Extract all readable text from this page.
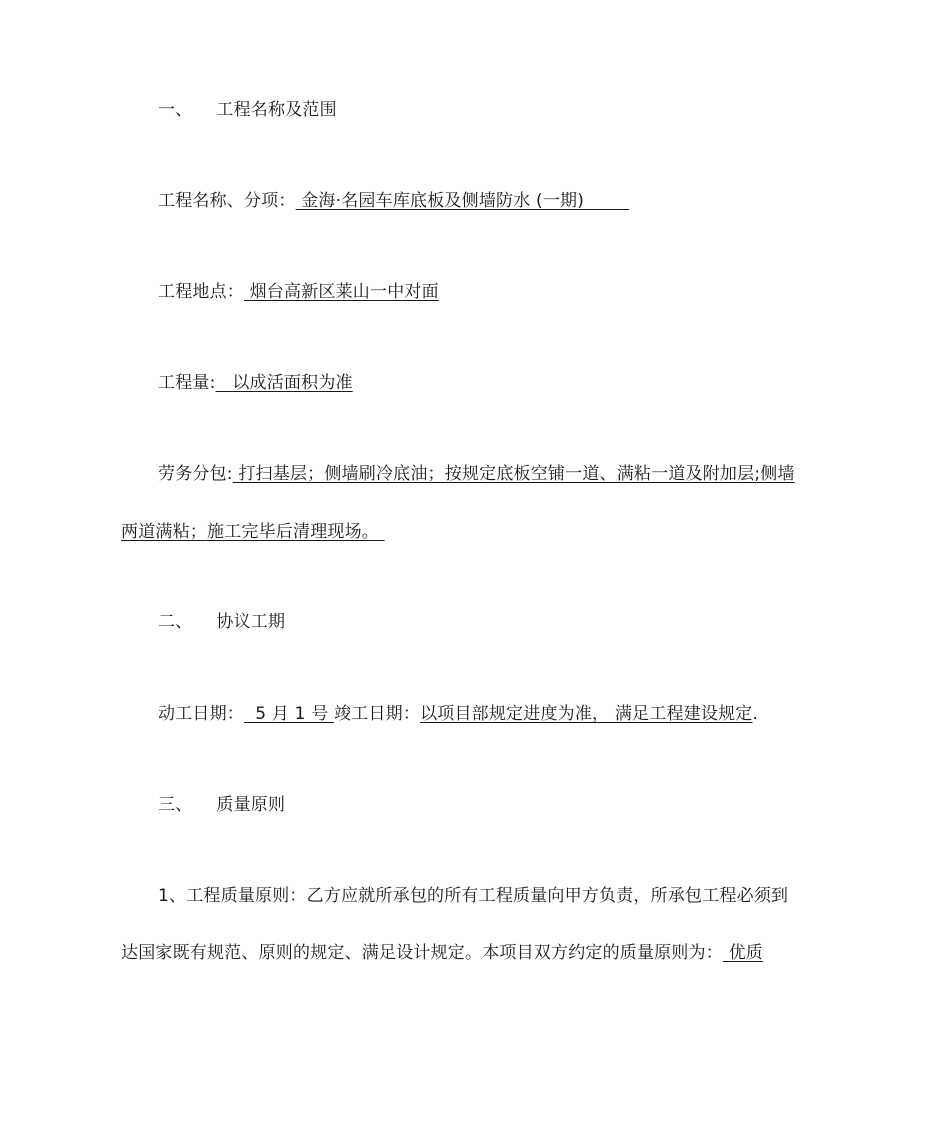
一、 工程名称及范围
工程名称、分项： 金海·名园车库底板及侧墙防水 (一期)
工程地点： 烟台高新区莱山一中对面
工程量:   以成活面积为准
劳务分包: 打扫基层；侧墙刷冷底油；按规定底板空铺一道、满粘一道及附加层;侧墙
两道满粘；施工完毕后清理现场。
二、 协议工期
动工日期：  5 月 1 号 竣工日期：以项目部规定进度为准， 满足工程建设规定.
三、 质量原则
1、工程质量原则：乙方应就所承包的所有工程质量向甲方负责，所承包工程必须到
达国家既有规范、原则的规定、满足设计规定。本项目双方约定的质量原则为： 优质
